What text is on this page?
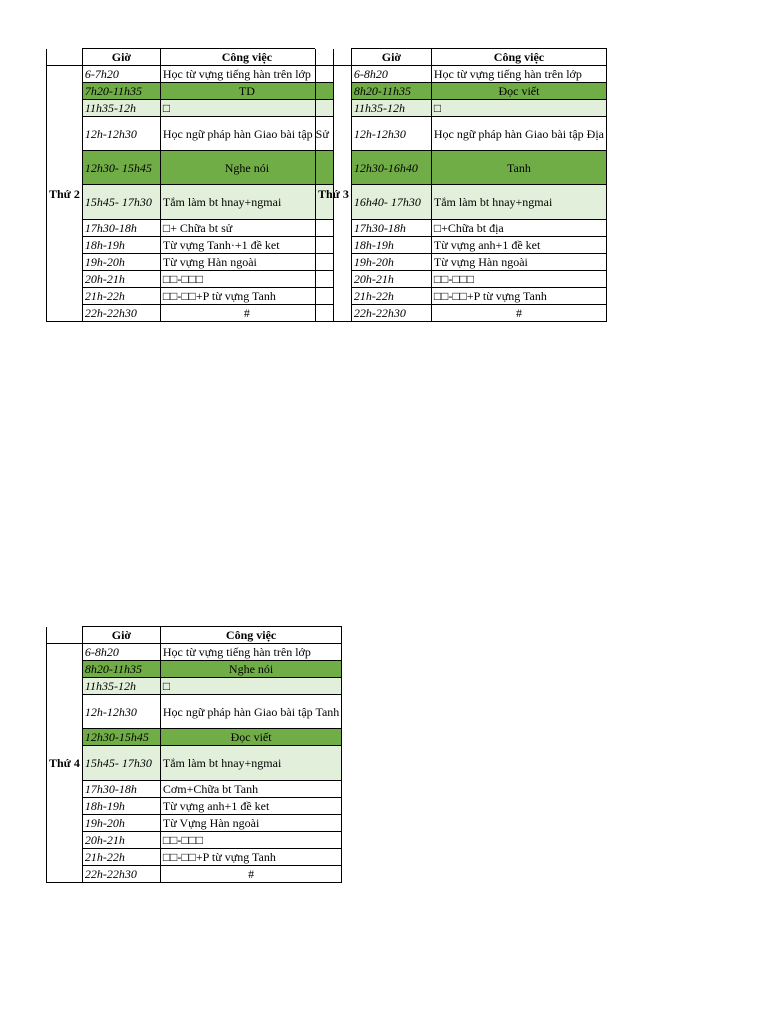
	Giờ	Công việc
Thứ 2	6-7h20	Học từ vựng tiếng hàn trên lớp
	7h20-11h35	TD
	11h35-12h	□
	12h-12h30	Học ngữ pháp hàn Giao bài tập Sử
	12h30- 15h45	Nghe nói
	15h45- 17h30	Tắm làm bt hnay+ngmai
	17h30-18h	□+ Chữa bt sử
	18h-19h	Từ vựng Tanh·+1 đề ket
	19h-20h	Từ vựng Hàn ngoài
	20h-21h	□□-□□□
	21h-22h	□□-□□+P từ vựng Tanh
	22h-22h30	#
	Giờ	Công việc
Thứ 3	6-8h20	Học từ vựng tiếng hàn trên lớp
	8h20-11h35	Đọc viết
	11h35-12h	□
	12h-12h30	Học ngữ pháp hàn Giao bài tập Địa
	12h30-16h40	Tanh
	16h40- 17h30	Tắm làm bt hnay+ngmai
	17h30-18h	□+Chữa bt địa
	18h-19h	Từ vựng anh+1 đề ket
	19h-20h	Từ vựng Hàn ngoài
	20h-21h	□□-□□□
	21h-22h	□□-□□+P từ vựng Tanh
	22h-22h30	#
	Giờ	Công việc
Thứ 4	6-8h20	Học từ vựng tiếng hàn trên lớp
	8h20-11h35	Nghe nói
	11h35-12h	□
	12h-12h30	Học ngữ pháp hàn Giao bài tập Tanh
	12h30-15h45	Đọc viết
	15h45- 17h30	Tắm làm bt hnay+ngmai
	17h30-18h	Cơm+Chữa bt Tanh
	18h-19h	Từ vựng anh+1 đề ket
	19h-20h	Từ Vựng Hàn ngoài
	20h-21h	□□-□□□
	21h-22h	□□-□□+P từ vựng Tanh
	22h-22h30	#
